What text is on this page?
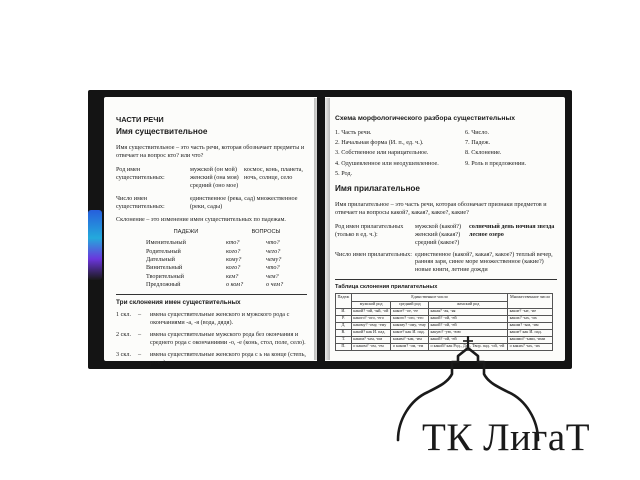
ЧАСТИ РЕЧИ
Имя существительное
Имя существительное – это часть речи, которая обозначает предметы и отвечает на вопрос кто? или что?
Род имен существительных:
мужской (он мой) женский (она моя) средний (оно мое)
космос, конь, планета, ночь, солнце, село
Число имен существительных:
единственное (река, сад) множественное (реки, сады)
Склонение – это изменение имен существительных по падежам.
ПАДЕЖИ	ВОПРОСЫ
Именительный	кто?	что?
Родительный	кого?	чего?
Дательный	кому?	чему?
Винительный	кого?	что?
Творительный	кем?	чем?
Предложный	о ком?	о чем?
Три склонения имен существительных
1 скл.	–	имена существительные женского и мужского рода с окончаниями -а, -я (вода, дядя).
2 скл.	–	имена существительные мужского рода без окончания и среднего рода с окончаниями -о, -е (конь, стол, поле, село).
3 скл.	–	имена существительные женского рода с ь на конце (степь, рожь).
Схема морфологического разбора существительных
1. Часть речи.
2. Начальная форма (И. п., ед. ч.).
3. Собственное или нарицательное.
4. Одушевленное или неодушевленное.
5. Род.
6. Число.
7. Падеж.
8. Склонение.
9. Роль в предложении.
Имя прилагательное
Имя прилагательное – это часть речи, которая обозначает признаки предметов и отвечает на вопросы какой?, какая?, какое?, какие?
Род имен прилагательных (только в ед. ч.):
мужской (какой?) женский (какая?) средний (какое?)
солнечный день ночная звезда лесное озеро
Число имен прилагательных: единственное (какой?, какая?, какое?) теплый вечер, ранняя заря, синее море множественное (какие?) новые книги, летние дожди
Таблица склонения прилагательных
Падеж	Единственное число			Множественное число
	мужской род	средний род	женский род	
И.	какой? -ий, -ый, -ой	какое? -ое, -ее	какая? -ая, -яя	какие? -ые, -ие
Р.	какого? -ого, -его	какого? -ого, -его	какой? -ой, -ей	каких? -ых, -их
Д.	какому? -ому, -ему	какому? -ому, -ему	какой? -ой, -ей	каким? -ым, -им
В.	какой? как И. пад.	какое? как И. пад.	какую? -ую, -юю	какие? как И. пад.
Т.	каким? -ым, -им	каким? -ым, -им	какой? -ой, -ей	какими? -ыми, -ими
П.	о каком? -ом, -ем	о каком? -ом, -ем	о какой? как Род., Дат., Твор. пад. -ой, -ей	о каких? -ых, -их
ТК ЛигаТ
